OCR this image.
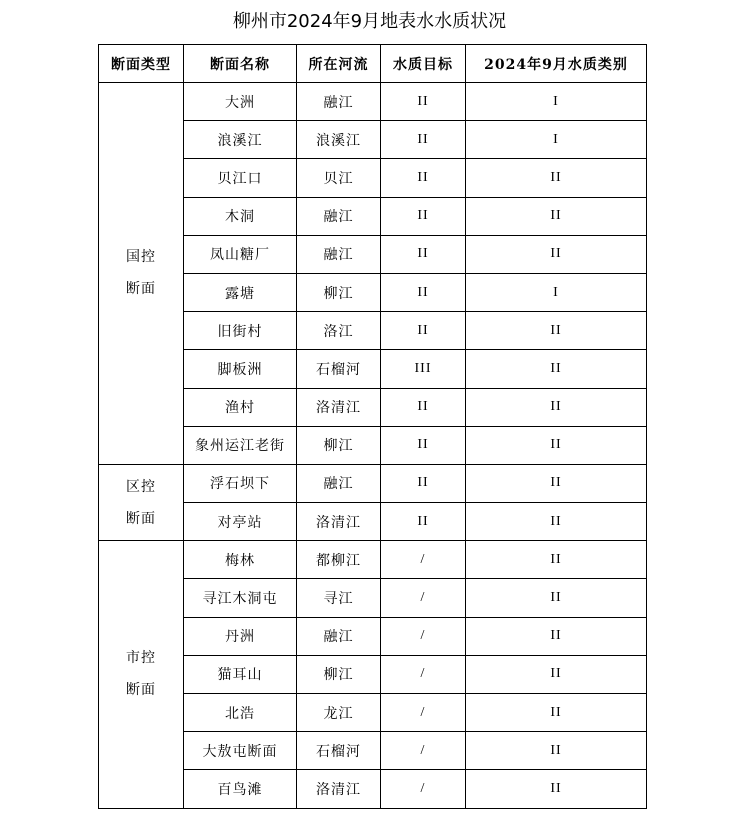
柳州市2024年9月地表水水质状况
断面类型	断面名称	所在河流	水质目标	2024年9月水质类别

国控
断面	大洲	融江	II	I
	浪溪江	浪溪江	II	I
	贝江口	贝江	II	II
	木洞	融江	II	II
	凤山糖厂	融江	II	II
	露塘	柳江	II	I
	旧街村	洛江	II	II
	脚板洲	石榴河	III	II
	渔村	洛清江	II	II
	象州运江老街	柳江	II	II

区控
断面	浮石坝下	融江	II	II
	对亭站	洛清江	II	II

市控
断面	梅林	都柳江	/	II
	寻江木洞屯	寻江	/	II
	丹洲	融江	/	II
	猫耳山	柳江	/	II
	北浩	龙江	/	II
	大敖屯断面	石榴河	/	II
	百鸟滩	洛清江	/	II
